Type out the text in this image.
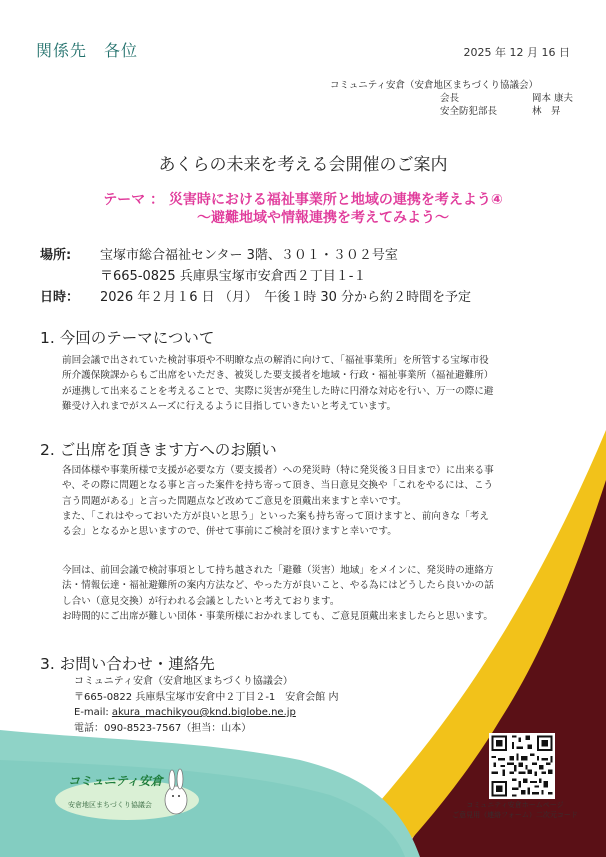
関係先　各位	2025 年 12 月 16 日
コミュニティ安倉（安倉地区まちづくり協議会）
会長	岡本 康夫
安全防犯部長	林　昇
あくらの未来を考える会開催のご案内
テーマ ： 災害時における福祉事業所と地域の連携を考えよう④
～避難地域や情報連携を考えてみよう～
場所: 宝塚市総合福祉センター 3階、３０１・３０２号室
〒665-0825 兵庫県宝塚市安倉西２丁目１-１
日時： 2026 年２月１6 日 （月）　午後１時 30 分から約２時間を予定
1. 今回のテーマについて
前回会議で出されていた検討事項や不明瞭な点の解消に向けて、「福祉事業所」を所管する宝塚市役
所介護保険課からもご出席をいただき、被災した要支援者を地域・行政・福祉事業所（福祉避難所）
が連携して出来ることを考えることで、実際に災害が発生した時に円滑な対応を行い、万一の際に避
難受け入れまでがスムーズに行えるように目指していきたいと考えています。
2. ご出席を頂きます方へのお願い
各団体様や事業所様で支援が必要な方（要支援者）への発災時（特に発災後３日目まで）に出来る事
や、その際に問題となる事と言った案件を持ち寄って頂き、当日意見交換や「これをやるには、こう
言う問題がある」と言った問題点など改めてご意見を頂戴出来ますと幸いです。
また、「これはやっておいた方が良いと思う」といった案も持ち寄って頂けますと、前向きな「考え
る会」となるかと思いますので、併せて事前にご検討を頂けますと幸いです。
今回は、前回会議で検討事項として持ち越された「避難（災害）地域」をメインに、発災時の連絡方
法・情報伝達・福祉避難所の案内方法など、やった方が良いこと、やる為にはどうしたら良いかの話
し合い（意見交換）が行われる会議としたいと考えております。
お時間的にご出席が難しい団体・事業所様におかれましても、ご意見頂戴出来ましたらと思います。
3. お問い合わせ・連絡先
コミュニティ安倉（安倉地区まちづくり協議会）
〒665-0822 兵庫県宝塚市安倉中２丁目２-1　安倉会館 内
E-mail: akura_machikyou@knd.biglobe.ne.jp
電話：090-8523-7567（担当：山本）
コミュニティ安倉ホームページ
ご意見用（連絡フォーム）二次元コード
コミュニティ安倉
安倉地区まちづくり協議会
